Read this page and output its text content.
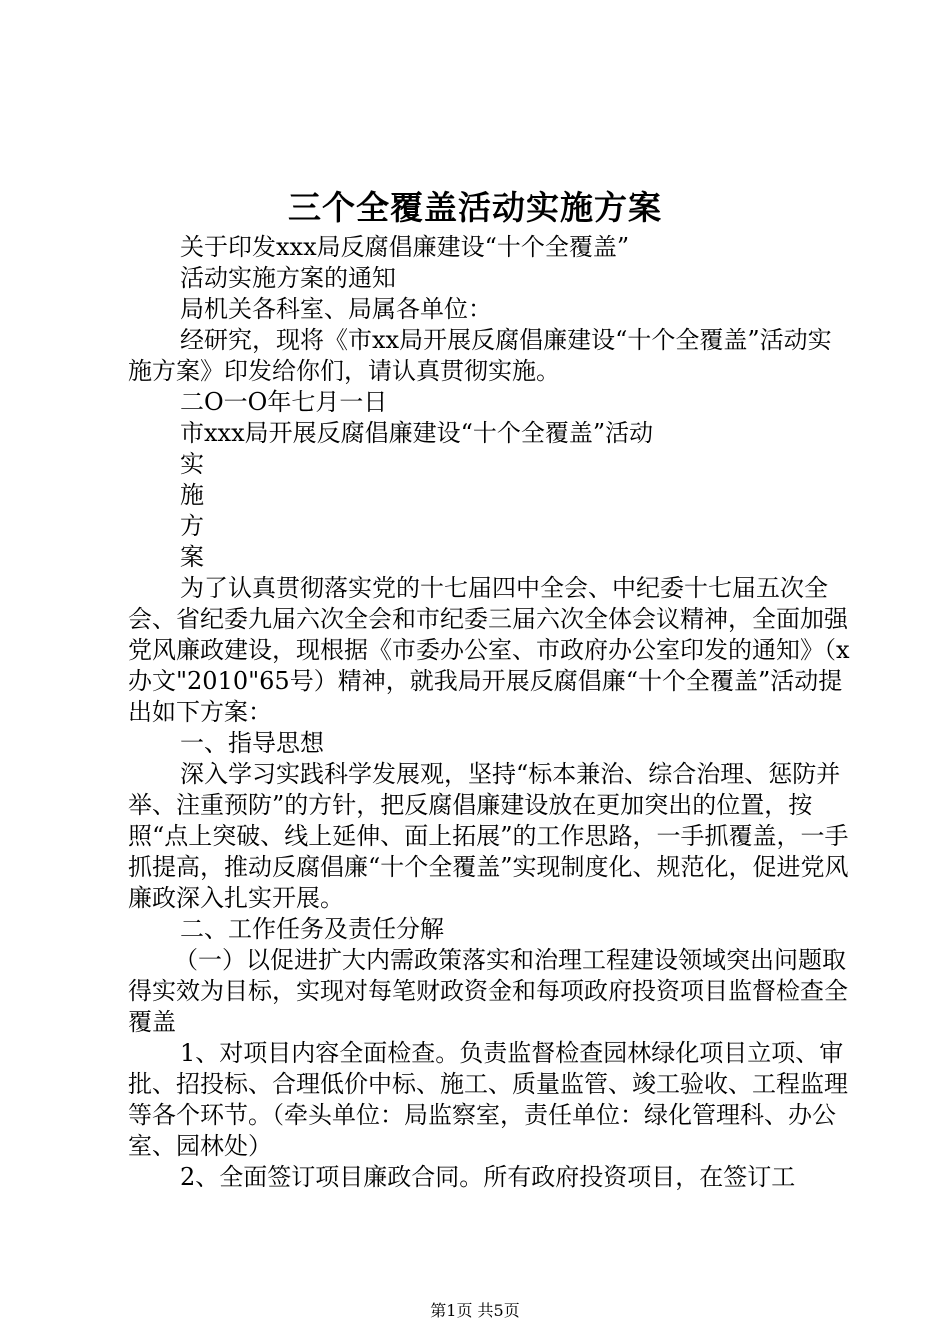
三个全覆盖活动实施方案

关于印发xxx局反腐倡廉建设“十个全覆盖”

活动实施方案的通知

局机关各科室、局属各单位：

经研究，现将《市xx局开展反腐倡廉建设“十个全覆盖”活动实施方案》印发给你们，请认真贯彻实施。

二O一O年七月一日

市xxx局开展反腐倡廉建设“十个全覆盖”活动

实

施

方

案

为了认真贯彻落实党的十七届四中全会、中纪委十七届五次全会、省纪委九届六次全会和市纪委三届六次全体会议精神，全面加强党风廉政建设，现根据《市委办公室、市政府办公室印发的通知》（x办文"2010"65号）精神，就我局开展反腐倡廉“十个全覆盖”活动提出如下方案：

一、指导思想

深入学习实践科学发展观，坚持“标本兼治、综合治理、惩防并举、注重预防”的方针，把反腐倡廉建设放在更加突出的位置，按照“点上突破、线上延伸、面上拓展”的工作思路，一手抓覆盖，一手抓提高，推动反腐倡廉“十个全覆盖”实现制度化、规范化，促进党风廉政深入扎实开展。

二、工作任务及责任分解

（一）以促进扩大内需政策落实和治理工程建设领域突出问题取得实效为目标，实现对每笔财政资金和每项政府投资项目监督检查全覆盖

1、对项目内容全面检查。负责监督检查园林绿化项目立项、审批、招投标、合理低价中标、施工、质量监管、竣工验收、工程监理等各个环节。（牵头单位：局监察室，责任单位：绿化管理科、办公室、园林处）

2、全面签订项目廉政合同。所有政府投资项目，在签订工

第1页 共5页
